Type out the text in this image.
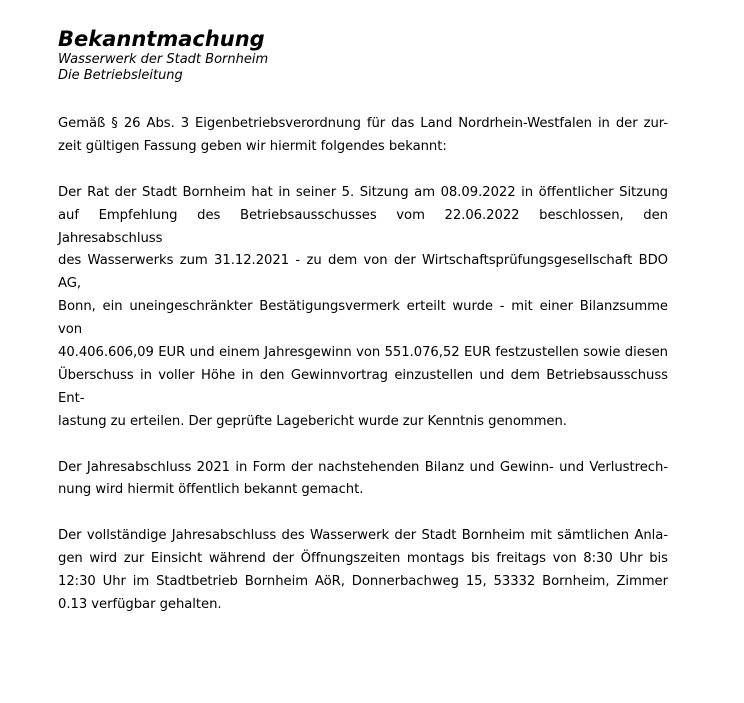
Bekanntmachung
Wasserwerk der Stadt Bornheim
Die Betriebsleitung
Gemäß § 26 Abs. 3 Eigenbetriebsverordnung für das Land Nordrhein-Westfalen in der zur-
zeit gültigen Fassung geben wir hiermit folgendes bekannt:
Der Rat der Stadt Bornheim hat in seiner 5. Sitzung am 08.09.2022 in öffentlicher Sitzung
auf Empfehlung des Betriebsausschusses vom 22.06.2022 beschlossen, den Jahresabschluss
des Wasserwerks zum 31.12.2021 - zu dem von der Wirtschaftsprüfungsgesellschaft BDO AG,
Bonn, ein uneingeschränkter Bestätigungsvermerk erteilt wurde - mit einer Bilanzsumme von
40.406.606,09 EUR und einem Jahresgewinn von 551.076,52 EUR festzustellen sowie diesen
Überschuss in voller Höhe in den Gewinnvortrag einzustellen und dem Betriebsausschuss Ent-
lastung zu erteilen. Der geprüfte Lagebericht wurde zur Kenntnis genommen.
Der Jahresabschluss 2021 in Form der nachstehenden Bilanz und Gewinn- und Verlustrech-
nung wird hiermit öffentlich bekannt gemacht.
Der vollständige Jahresabschluss des Wasserwerk der Stadt Bornheim mit sämtlichen Anla-
gen wird zur Einsicht während der Öffnungszeiten montags bis freitags von 8:30 Uhr bis
12:30 Uhr im Stadtbetrieb Bornheim AöR, Donnerbachweg 15, 53332 Bornheim, Zimmer
0.13 verfügbar gehalten.
